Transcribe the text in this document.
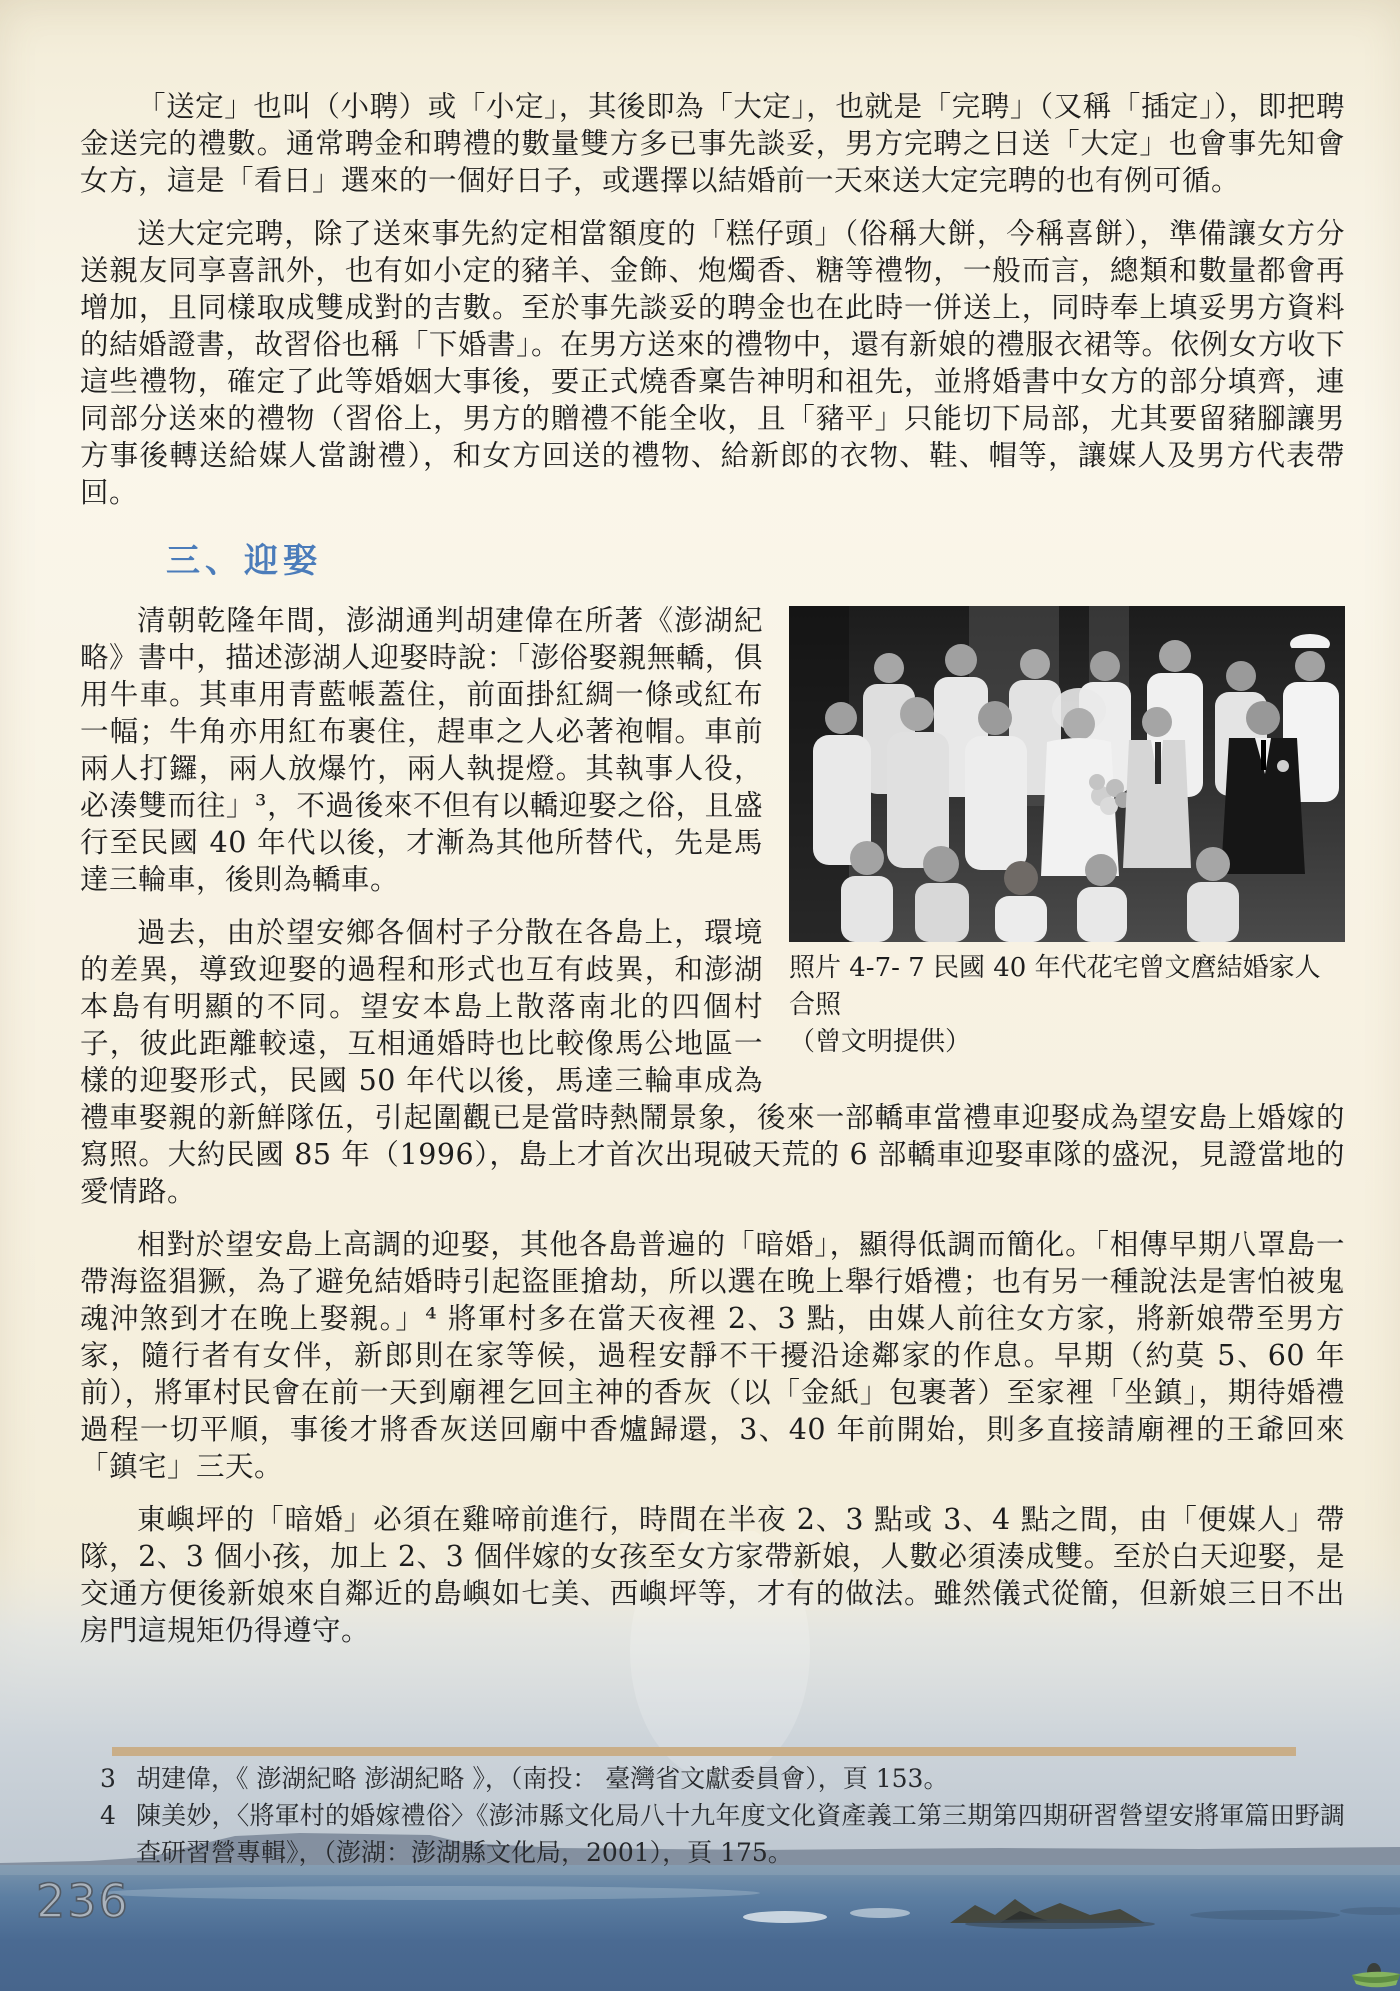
「送定」也叫（小聘）或「小定」，其後即為「大定」，也就是「完聘」（又稱「插定」），即把聘金送完的禮數。通常聘金和聘禮的數量雙方多已事先談妥，男方完聘之日送「大定」也會事先知會女方，這是「看日」選來的一個好日子，或選擇以結婚前一天來送大定完聘的也有例可循。

送大定完聘，除了送來事先約定相當額度的「糕仔頭」（俗稱大餅，今稱喜餅），準備讓女方分送親友同享喜訊外，也有如小定的豬羊、金飾、炮燭香、糖等禮物，一般而言，總類和數量都會再增加，且同樣取成雙成對的吉數。至於事先談妥的聘金也在此時一併送上，同時奉上填妥男方資料的結婚證書，故習俗也稱「下婚書」。在男方送來的禮物中，還有新娘的禮服衣裙等。依例女方收下這些禮物，確定了此等婚姻大事後，要正式燒香稟告神明和祖先，並將婚書中女方的部分填齊，連同部分送來的禮物（習俗上，男方的贈禮不能全收，且「豬平」只能切下局部，尤其要留豬腳讓男方事後轉送給媒人當謝禮），和女方回送的禮物、給新郎的衣物、鞋、帽等，讓媒人及男方代表帶回。

三、迎娶
照片 4-7- 7 民國 40 年代花宅曾文麿結婚家人合照
（曾文明提供）

清朝乾隆年間，澎湖通判胡建偉在所著《澎湖紀略》書中，描述澎湖人迎娶時說：「澎俗娶親無轎，俱用牛車。其車用青藍帳蓋住，前面掛紅綢一條或紅布一幅；牛角亦用紅布裹住，趕車之人必著袍帽。車前兩人打鑼，兩人放爆竹，兩人執提燈。其執事人役，必湊雙而往」³，不過後來不但有以轎迎娶之俗，且盛行至民國 40 年代以後，才漸為其他所替代，先是馬達三輪車，後則為轎車。

過去，由於望安鄉各個村子分散在各島上，環境的差異，導致迎娶的過程和形式也互有歧異，和澎湖本島有明顯的不同。望安本島上散落南北的四個村子，彼此距離較遠，互相通婚時也比較像馬公地區一樣的迎娶形式，民國 50 年代以後，馬達三輪車成為禮車娶親的新鮮隊伍，引起圍觀已是當時熱鬧景象，後來一部轎車當禮車迎娶成為望安島上婚嫁的寫照。大約民國 85 年（1996），島上才首次出現破天荒的 6 部轎車迎娶車隊的盛況，見證當地的愛情路。

相對於望安島上高調的迎娶，其他各島普遍的「暗婚」，顯得低調而簡化。「相傳早期八罩島一帶海盜猖獗，為了避免結婚時引起盜匪搶劫，所以選在晚上舉行婚禮；也有另一種說法是害怕被鬼魂沖煞到才在晚上娶親。」⁴ 將軍村多在當天夜裡 2、3 點，由媒人前往女方家，將新娘帶至男方家，隨行者有女伴，新郎則在家等候，過程安靜不干擾沿途鄰家的作息。早期（約莫 5、60 年前），將軍村民會在前一天到廟裡乞回主神的香灰（以「金紙」包裹著）至家裡「坐鎮」，期待婚禮過程一切平順，事後才將香灰送回廟中香爐歸還，3、40 年前開始，則多直接請廟裡的王爺回來「鎮宅」三天。

東嶼坪的「暗婚」必須在雞啼前進行，時間在半夜 2、3 點或 3、4 點之間，由「便媒人」帶隊，2、3 個小孩，加上 2、3 個伴嫁的女孩至女方家帶新娘，人數必須湊成雙。至於白天迎娶，是交通方便後新娘來自鄰近的島嶼如七美、西嶼坪等，才有的做法。雖然儀式從簡，但新娘三日不出房門這規矩仍得遵守。

3 胡建偉，《 澎湖紀略 澎湖紀略 》，（南投： 臺灣省文獻委員會），頁 153。
4 陳美妙，〈將軍村的婚嫁禮俗〉《澎沛縣文化局八十九年度文化資產義工第三期第四期研習營望安將軍篇田野調查研習營專輯》，（澎湖：澎湖縣文化局，2001），頁 175。
236
